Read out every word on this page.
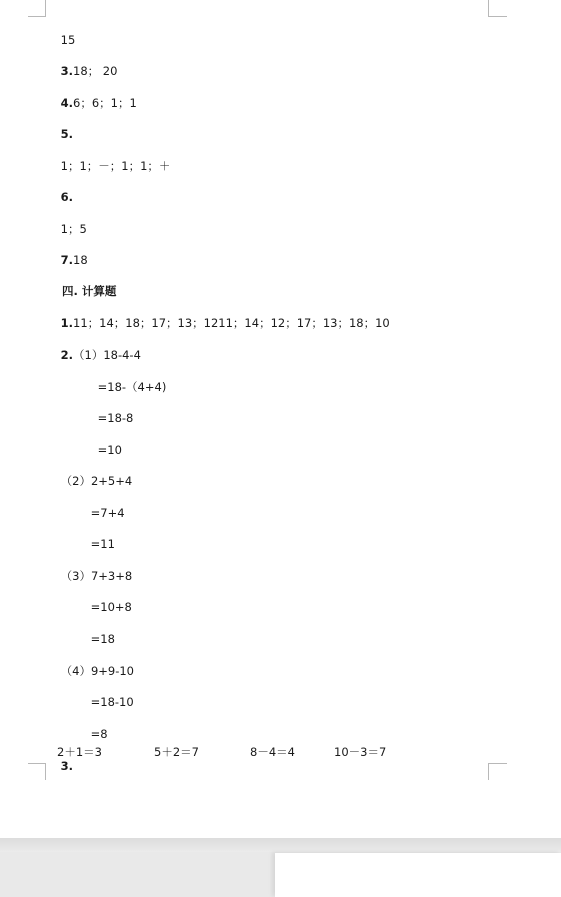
15

3.18； 20

4.6；6；1；1

5.

1；1；－；1；1；＋

6.

1；5

7.18

四. 计算题

1.11；14；18；17；13；1211；14；12；17；13；18；10

2.（1）18-4-4

=18-（4+4)

=18-8

=10

（2）2+5+4

=7+4

=11

（3）7+3+8

=10+8

=18

（4）9+9-10

=18-10

=8

3.

2＋1＝3

	5＋2＝7

	8－4＝4

	10－3＝7
